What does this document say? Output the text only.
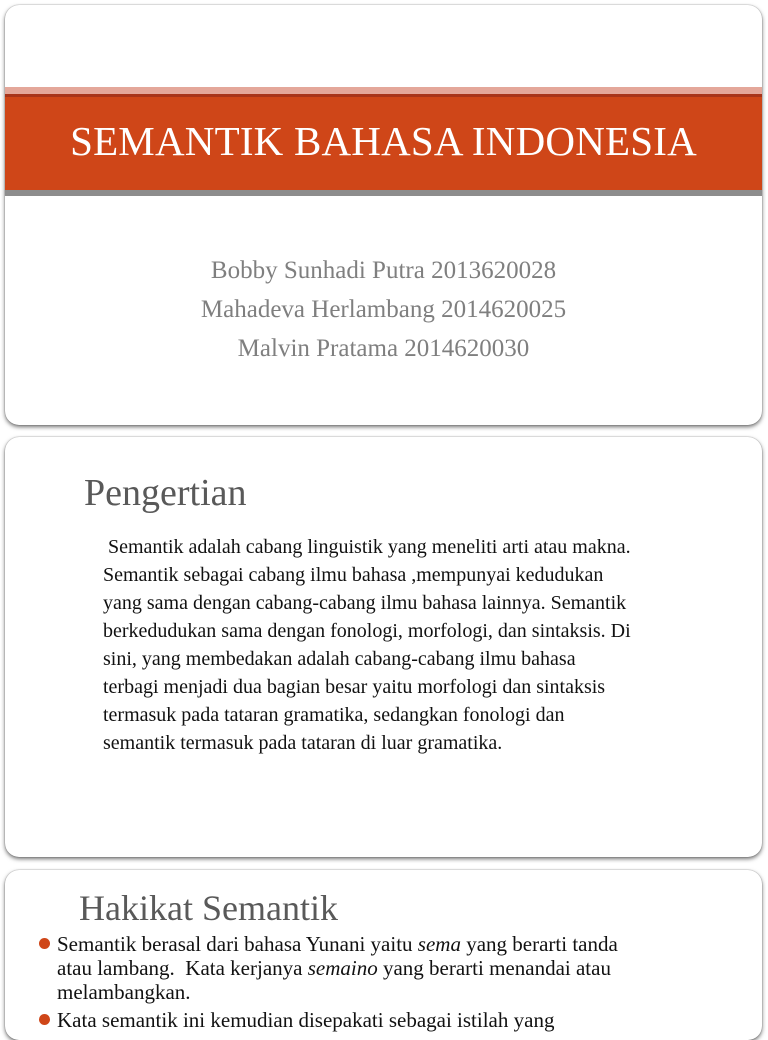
SEMANTIK BAHASA INDONESIA
Bobby Sunhadi Putra 2013620028
Mahadeva Herlambang 2014620025
Malvin Pratama 2014620030
Pengertian
Semantik adalah cabang linguistik yang meneliti arti atau makna.
Semantik sebagai cabang ilmu bahasa ,mempunyai kedudukan
yang sama dengan cabang-cabang ilmu bahasa lainnya. Semantik
berkedudukan sama dengan fonologi, morfologi, dan sintaksis. Di
sini, yang membedakan adalah cabang-cabang ilmu bahasa
terbagi menjadi dua bagian besar yaitu morfologi dan sintaksis
termasuk pada tataran gramatika, sedangkan fonologi dan
semantik termasuk pada tataran di luar gramatika.
Hakikat Semantik
Semantik berasal dari bahasa Yunani yaitu sema yang berarti tanda
atau lambang.  Kata kerjanya semaino yang berarti menandai atau
melambangkan.
Kata semantik ini kemudian disepakati sebagai istilah yang
